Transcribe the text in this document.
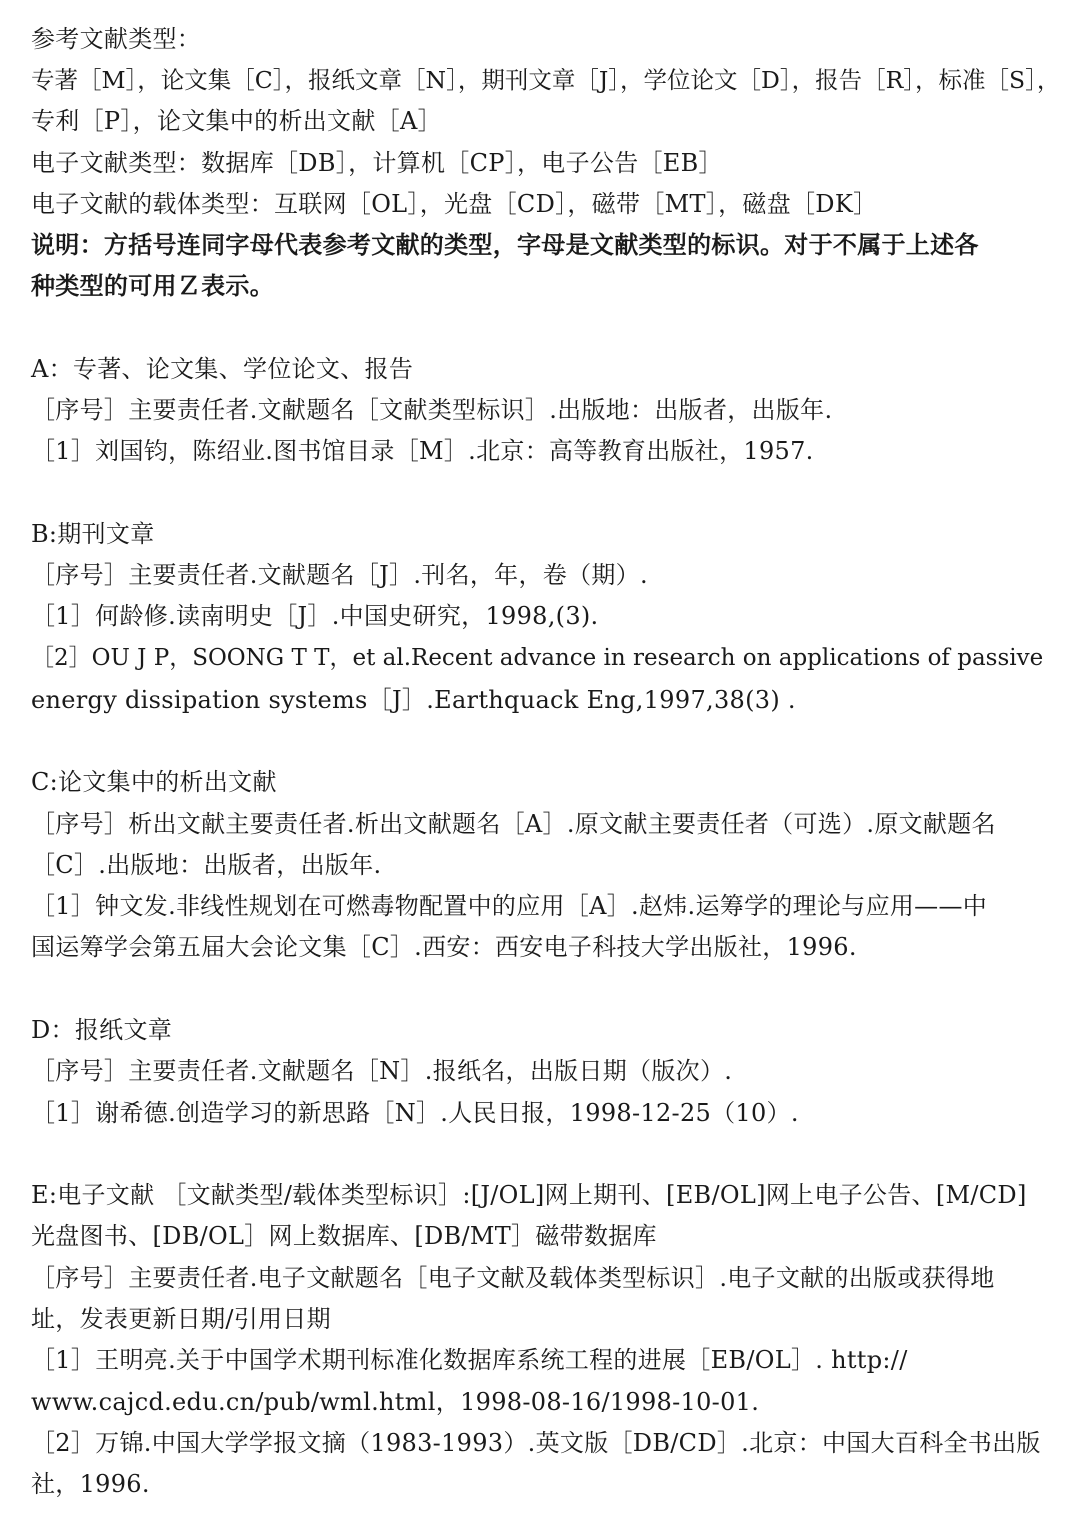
参考文献类型：
专著［M］，论文集［C］，报纸文章［N］，期刊文章［J］，学位论文［D］，报告［R］，标准［S］，
专利［P］，论文集中的析出文献［A］
电子文献类型：数据库［DB］，计算机［CP］，电子公告［EB］
电子文献的载体类型：互联网［OL］，光盘［CD］，磁带［MT］，磁盘［DK］
说明：方括号连同字母代表参考文献的类型，字母是文献类型的标识。对于不属于上述各
种类型的可用Ｚ表示。
A：专著、论文集、学位论文、报告
［序号］主要责任者.文献题名［文献类型标识］.出版地：出版者，出版年.
［1］刘国钧，陈绍业.图书馆目录［M］.北京：高等教育出版社，1957.
B:期刊文章
［序号］主要责任者.文献题名［J］.刊名，年，卷（期）.
［1］何龄修.读南明史［J］.中国史研究，1998,(3).
［2］OU J P，SOONG T T，et al.Recent advance in research on applications of passive
energy dissipation systems［J］.Earthquack Eng,1997,38(3) .
C:论文集中的析出文献
［序号］析出文献主要责任者.析出文献题名［A］.原文献主要责任者（可选）.原文献题名
［C］.出版地：出版者，出版年.
［1］钟文发.非线性规划在可燃毒物配置中的应用［A］.赵炜.运筹学的理论与应用——中
国运筹学会第五届大会论文集［C］.西安：西安电子科技大学出版社，1996.
D：报纸文章
［序号］主要责任者.文献题名［N］.报纸名，出版日期（版次）.
［1］谢希德.创造学习的新思路［N］.人民日报，1998-12-25（10）.
E:电子文献 ［文献类型/载体类型标识］:[J/OL]网上期刊、[EB/OL]网上电子公告、[M/CD]
光盘图书、[DB/OL］网上数据库、[DB/MT］磁带数据库
［序号］主要责任者.电子文献题名［电子文献及载体类型标识］.电子文献的出版或获得地
址，发表更新日期/引用日期
［1］王明亮.关于中国学术期刊标准化数据库系统工程的进展［EB/OL］. http://
www.cajcd.edu.cn/pub/wml.html，1998-08-16/1998-10-01.
［2］万锦.中国大学学报文摘（1983-1993）.英文版［DB/CD］.北京：中国大百科全书出版
社，1996.
